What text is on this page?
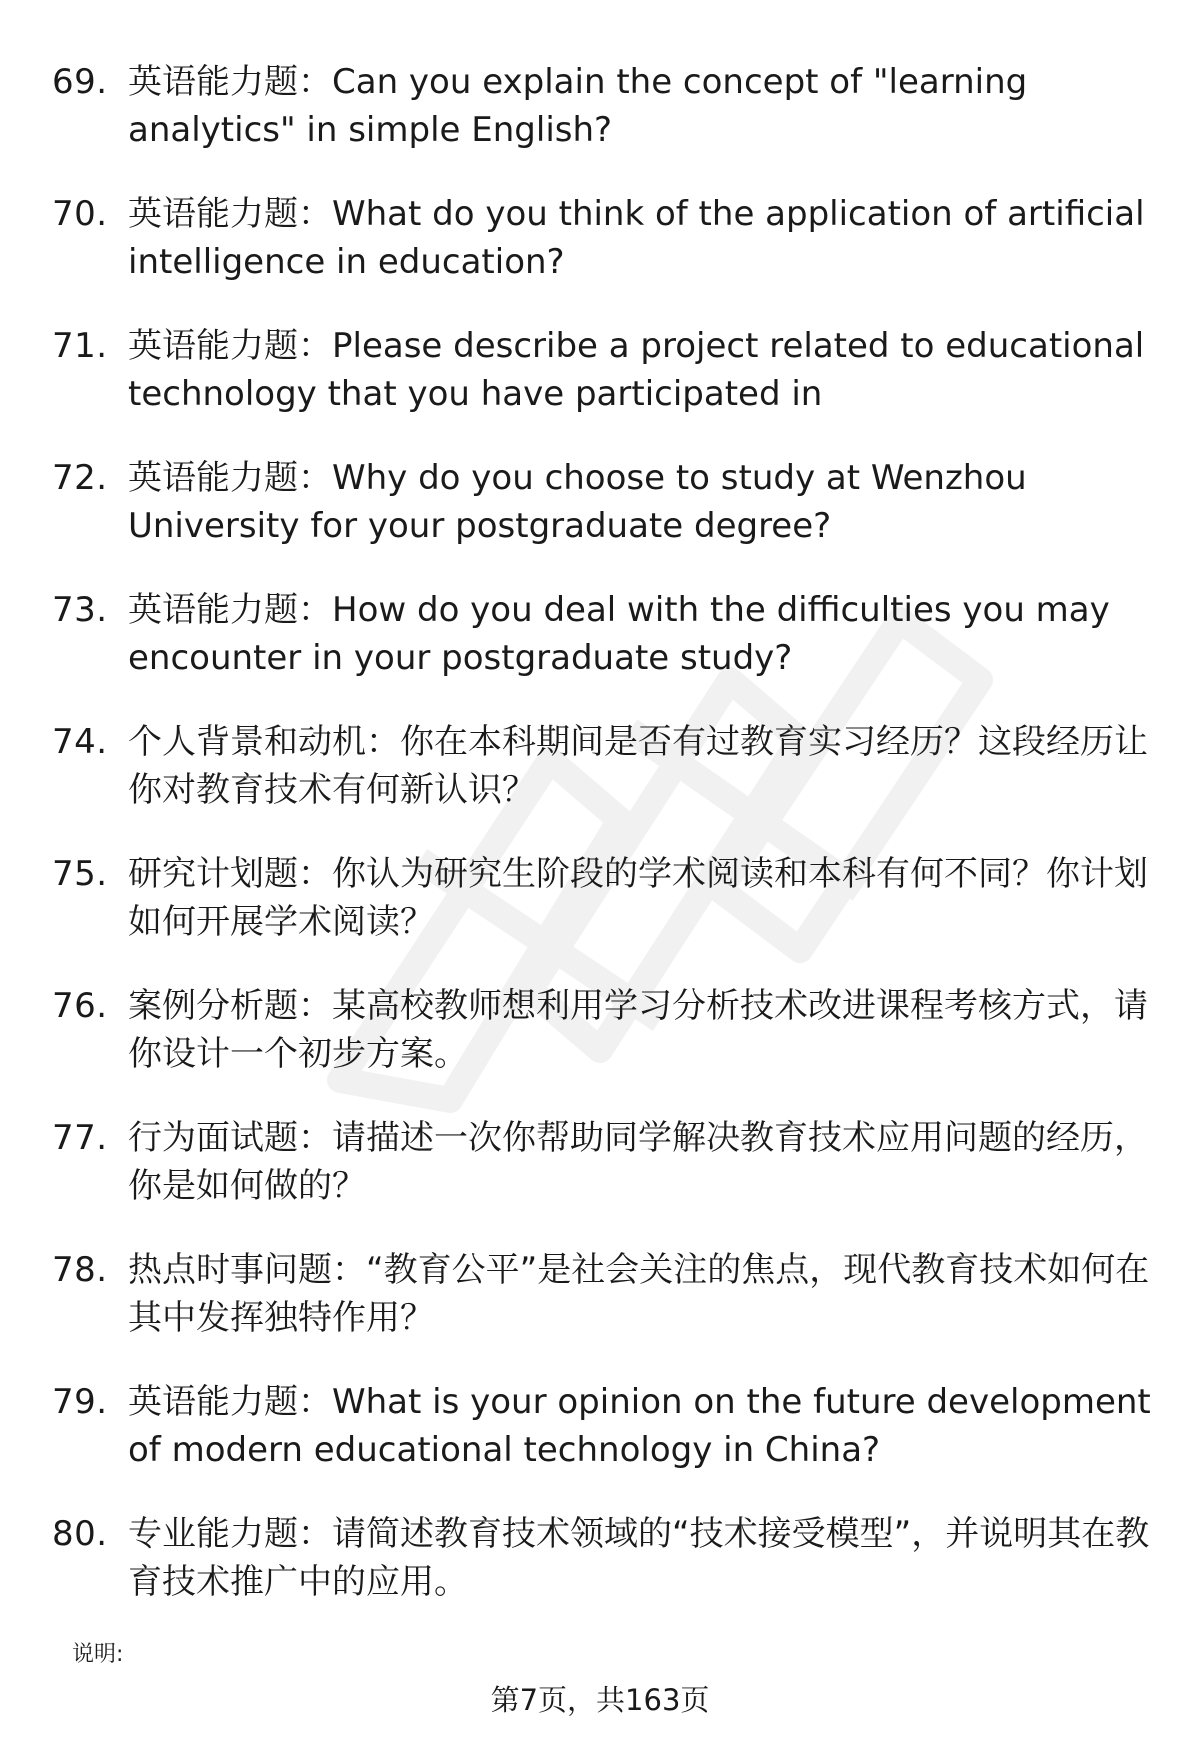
69. 英语能力题：Can you explain the concept of "learning analytics" in simple English?
70. 英语能力题：What do you think of the application of artificial intelligence in education?
71. 英语能力题：Please describe a project related to educational technology that you have participated in
72. 英语能力题：Why do you choose to study at Wenzhou University for your postgraduate degree?
73. 英语能力题：How do you deal with the difficulties you may encounter in your postgraduate study?
74. 个人背景和动机：你在本科期间是否有过教育实习经历？这段经历让你对教育技术有何新认识？
75. 研究计划题：你认为研究生阶段的学术阅读和本科有何不同？你计划如何开展学术阅读？
76. 案例分析题：某高校教师想利用学习分析技术改进课程考核方式，请你设计一个初步方案。
77. 行为面试题：请描述一次你帮助同学解决教育技术应用问题的经历，你是如何做的？
78. 热点时事问题：“教育公平”是社会关注的焦点，现代教育技术如何在其中发挥独特作用？
79. 英语能力题：What is your opinion on the future development of modern educational technology in China?
80. 专业能力题：请简述教育技术领域的“技术接受模型”，并说明其在教育技术推广中的应用。
说明:
第7页，共163页
